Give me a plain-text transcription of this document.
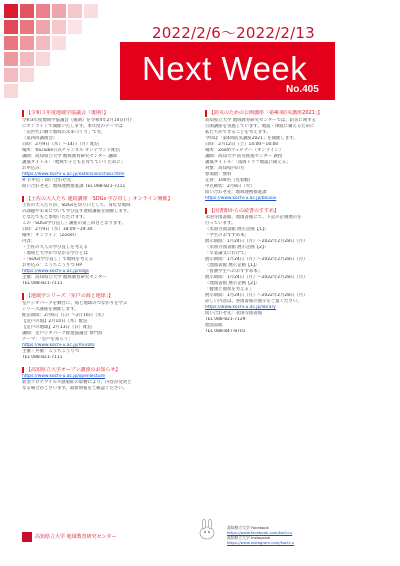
2022/2/6～2022/2/13
Next Week
No.405
【令和３年度地域学協議会（後期）】

令和3年度地域学協議会（後期）を令和4年2月14日(月)

にオンラインで開催いたします。本年度のテーマは

「次世代に継ぐ地域の未来づくり」です。

〈第四回講演会〉

日時：2月9日（水）〜14日（月）配信

場所：YouTube公式チャンネル オンデマンド配信

講師：高知県立大学 地域教育研究センター 講師

講演タイトル：「地域で子どもを育てていくために」

お申込み：

https://www.kochi-u.ac.jp/extension/chiiki.html

※ お申込・問い合わせ先：

問い合わせ先：地域連携推進課 TEL 088-821-7111

【土佐の大人たち 連続講座「SDGs 学び直し」オンライン開催】

土佐の大人たちが、SDGsを切り口として、身近な地域

の課題や未来について学び直す連続講座を開催します。

どなたでもご参加いただけます。

この「SDGs学び直し」講座の第三回目となります。

日時：2月9日（水）18:00〜19:30

場所：オンライン（Zoom）

内容：

・土佐の大人の学び直しを考える

・地域と大学がつながる学びとは

・「SDGs学び直し」で地域を考える

お申込み：こうちこうりつ HP

https://www.kochi-u.ac.jp/sdgs

主催：高知県立大学 地域教育研究センター

TEL 088-821-7111

【地域学シリーズ「室戸の海と地球」】

室戸ジオパークを舞台に、海と地球のつながりを学ぶ

シリーズ講座を開催します。

配信期間：2月6日（日）〜2月16日（水）

【室戸の海】2月10日（木）配信

【室戸の地球】2月13日（日）配信

講師：室戸ジオパーク推進協議会 専門員

テーマ：「室戸を知ろう」

https://www.kochi-u.ac.jp/muroto

主催・共催：こうちこうりつ

TEL 088-821-7111

【高知県立大学オープン講座のお知らせ】

https://www.kochi-u.ac.jp/openlecture

新型コロナウイルス感染症の影響により、内容が変更と

なる場合がございます。最新情報をご確認ください。

【防災のための公開講座「第4回防災講座2021」】

高知県立大学 地域教育研究センターでは、防災に関する

公開講座を実施しています。地震・津波に備えるために

私たちができることを考えます。

今回は「第4回防災講座2021」を開催します。

日時：2月12日（土）14:00〜16:00

場所：Zoomウェビナー（オンライン）

講師：高知大学 防災推進センター 教授

講演タイトル：「南海トラフ地震に備える」

対象：高知県内の方

参加費：無料

定員：100名（先着順）

申込締切：2月8日（火）

問い合わせ先：地域連携推進課

https://www.kochi-u.ac.jp/bousai

【図書館からの読書のすすめ】

永国寺図書館、池図書館にて、下記の企画展示を

行っています。

〈永国寺図書館 展示企画【1】〉

「学生のおすすめ本」

展示期間：1月24日（月）〜2022年2月28日（月）

〈永国寺図書館 展示企画【2】〉

「卒業論文にむけて」

展示期間：1月24日（月）〜2022年2月28日（月）

〈池図書館 展示企画【1】〉

「看護学生へのおすすめ本」

展示期間：1月24日（月）〜2022年2月28日（月）

〈池図書館 展示企画【2】〉

「健康と福祉を考える」

展示期間：1月24日（月）〜2022年2月28日（月）

詳しい内容は、各図書館の展示をご覧ください。

https://www.kochi-u.ac.jp/library

問い合わせ先：永国寺図書館

TEL 088-821-7129

池図書館

TEL 088-847-8701

高知県立大学 地域教育研究センター

高知県立大学 Facebook

https://www.facebook.com/kochi.u

高知県立大学 Instagram

https://www.instagram.com/kochi.u
